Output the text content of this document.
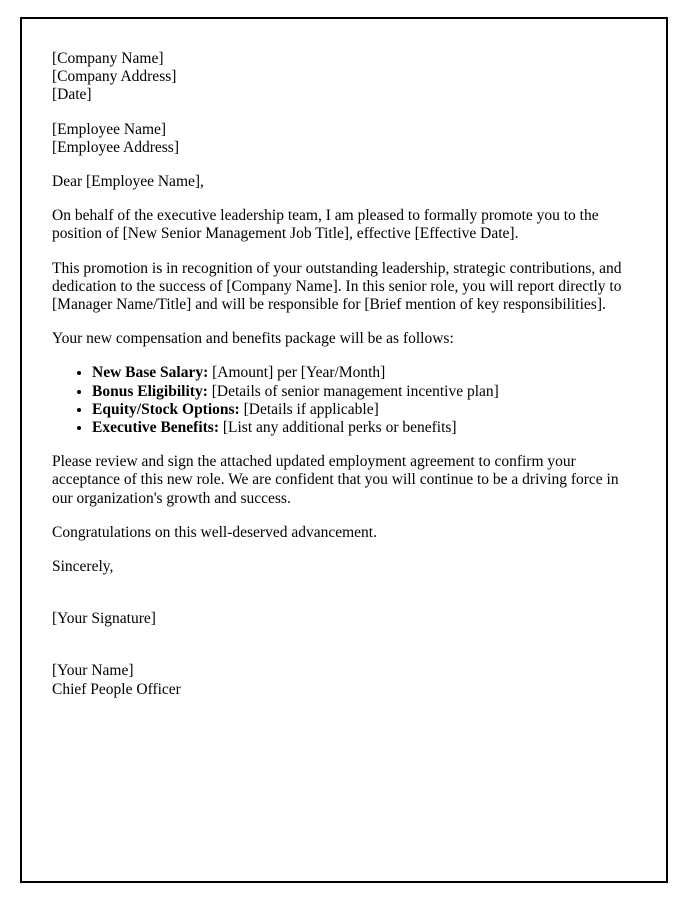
[Company Name]
[Company Address]
[Date]
[Employee Name]
[Employee Address]

Dear [Employee Name],

On behalf of the executive leadership team, I am pleased to formally promote you to the position of [New Senior Management Job Title], effective [Effective Date].

This promotion is in recognition of your outstanding leadership, strategic contributions, and dedication to the success of [Company Name]. In this senior role, you will report directly to [Manager Name/Title] and will be responsible for [Brief mention of key responsibilities].

Your new compensation and benefits package will be as follows:

• New Base Salary: [Amount] per [Year/Month]
• Bonus Eligibility: [Details of senior management incentive plan]
• Equity/Stock Options: [Details if applicable]
• Executive Benefits: [List any additional perks or benefits]

Please review and sign the attached updated employment agreement to confirm your acceptance of this new role. We are confident that you will continue to be a driving force in our organization's growth and success.

Congratulations on this well-deserved advancement.

Sincerely,

[Your Signature]

[Your Name]
Chief People Officer
